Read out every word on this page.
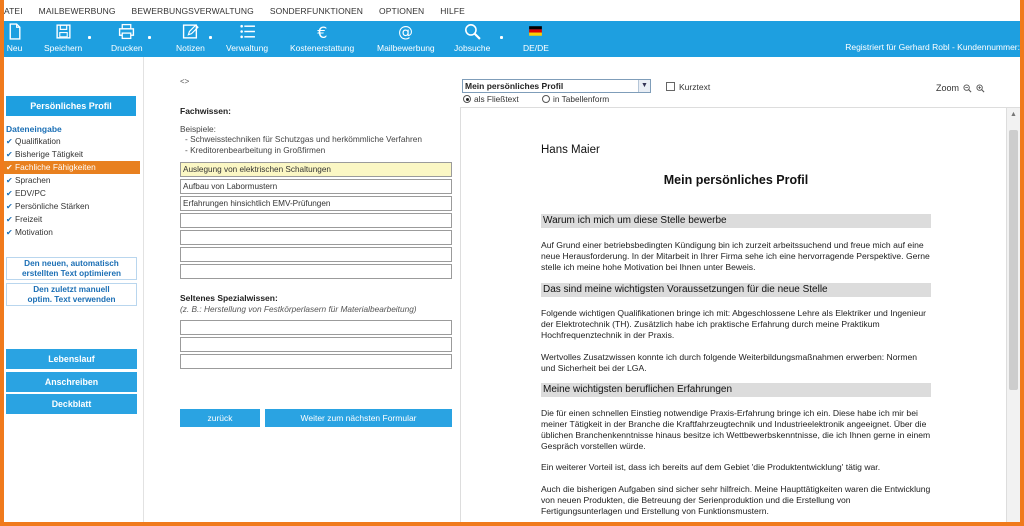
ATEI	MAILBEWERBUNG	BEWERBUNGSVERWALTUNG	SONDERFUNKTIONEN	OPTIONEN	HILFE
Neu	Speichern	Drucken	Notizen Verwaltung
€
Kostenerstattung
@
Mailbewerbung Jobsuche	DE/DE	Registriert für Gerhard Robl - Kundennummer:
Persönliches Profil
Dateneingabe
✔ Qualifikation
✔ Bisherige Tätigkeit
✔ Fachliche Fähigkeiten
✔ Sprachen
✔ EDV/PC
✔ Persönliche Stärken
✔ Freizeit
✔ Motivation
Den neuen, automatisch
erstellten Text optimieren
Den zuletzt manuell
optim. Text verwenden
Lebenslauf
Anschreiben
Deckblatt
<>
Fachwissen:
Beispiele:
- Schweisstechniken für Schutzgas und herkömmliche Verfahren
- Kreditorenbearbeitung in Großfirmen
Auslegung von elektrischen Schaltungen
Aufbau von Labormustern
Erfahrungen hinsichtlich EMV-Prüfungen
Seltenes Spezialwissen:
(z. B.: Herstellung von Festkörperlasern für Materialbearbeitung)
zurück	Weiter zum nächsten Formular
Mein persönliches Profil	▼	Kurztext
als Fließtext	in Tabellenform
Zoom
Hans Maier
Mein persönliches Profil
Warum ich mich um diese Stelle bewerbe
Auf Grund einer betriebsbedingten Kündigung bin ich zurzeit arbeitssuchend und freue mich auf eine neue Herausforderung. In der Mitarbeit in Ihrer Firma sehe ich eine hervorragende Perspektive. Gerne stelle ich meine hohe Motivation bei Ihnen unter Beweis.
Das sind meine wichtigsten Voraussetzungen für die neue Stelle
Folgende wichtigen Qualifikationen bringe ich mit: Abgeschlossene Lehre als Elektriker und Ingenieur der Elektrotechnik (TH). Zusätzlich habe ich praktische Erfahrung durch meine Praktikum Hochfrequenztechnik in der Praxis.
Wertvolles Zusatzwissen konnte ich durch folgende Weiterbildungsmaßnahmen erwerben: Normen und Sicherheit bei der LGA.
Meine wichtigsten beruflichen Erfahrungen
Die für einen schnellen Einstieg notwendige Praxis-Erfahrung bringe ich ein. Diese habe ich mir bei meiner Tätigkeit in der Branche die Kraftfahrzeugtechnik und Industrieelektronik angeeignet. Über die üblichen Branchenkenntnisse hinaus besitze ich Wettbewerbskenntnisse, die ich Ihnen gerne in einem Gespräch vorstellen würde.
Ein weiterer Vorteil ist, dass ich bereits auf dem Gebiet 'die Produktentwicklung' tätig war.
Auch die bisherigen Aufgaben sind sicher sehr hilfreich. Meine Haupttätigkeiten waren die Entwicklung von neuen Produkten, die Betreuung der Serienproduktion und die Erstellung von Fertigungsunterlagen und Erstellung von Funktionsmustern.
▲
